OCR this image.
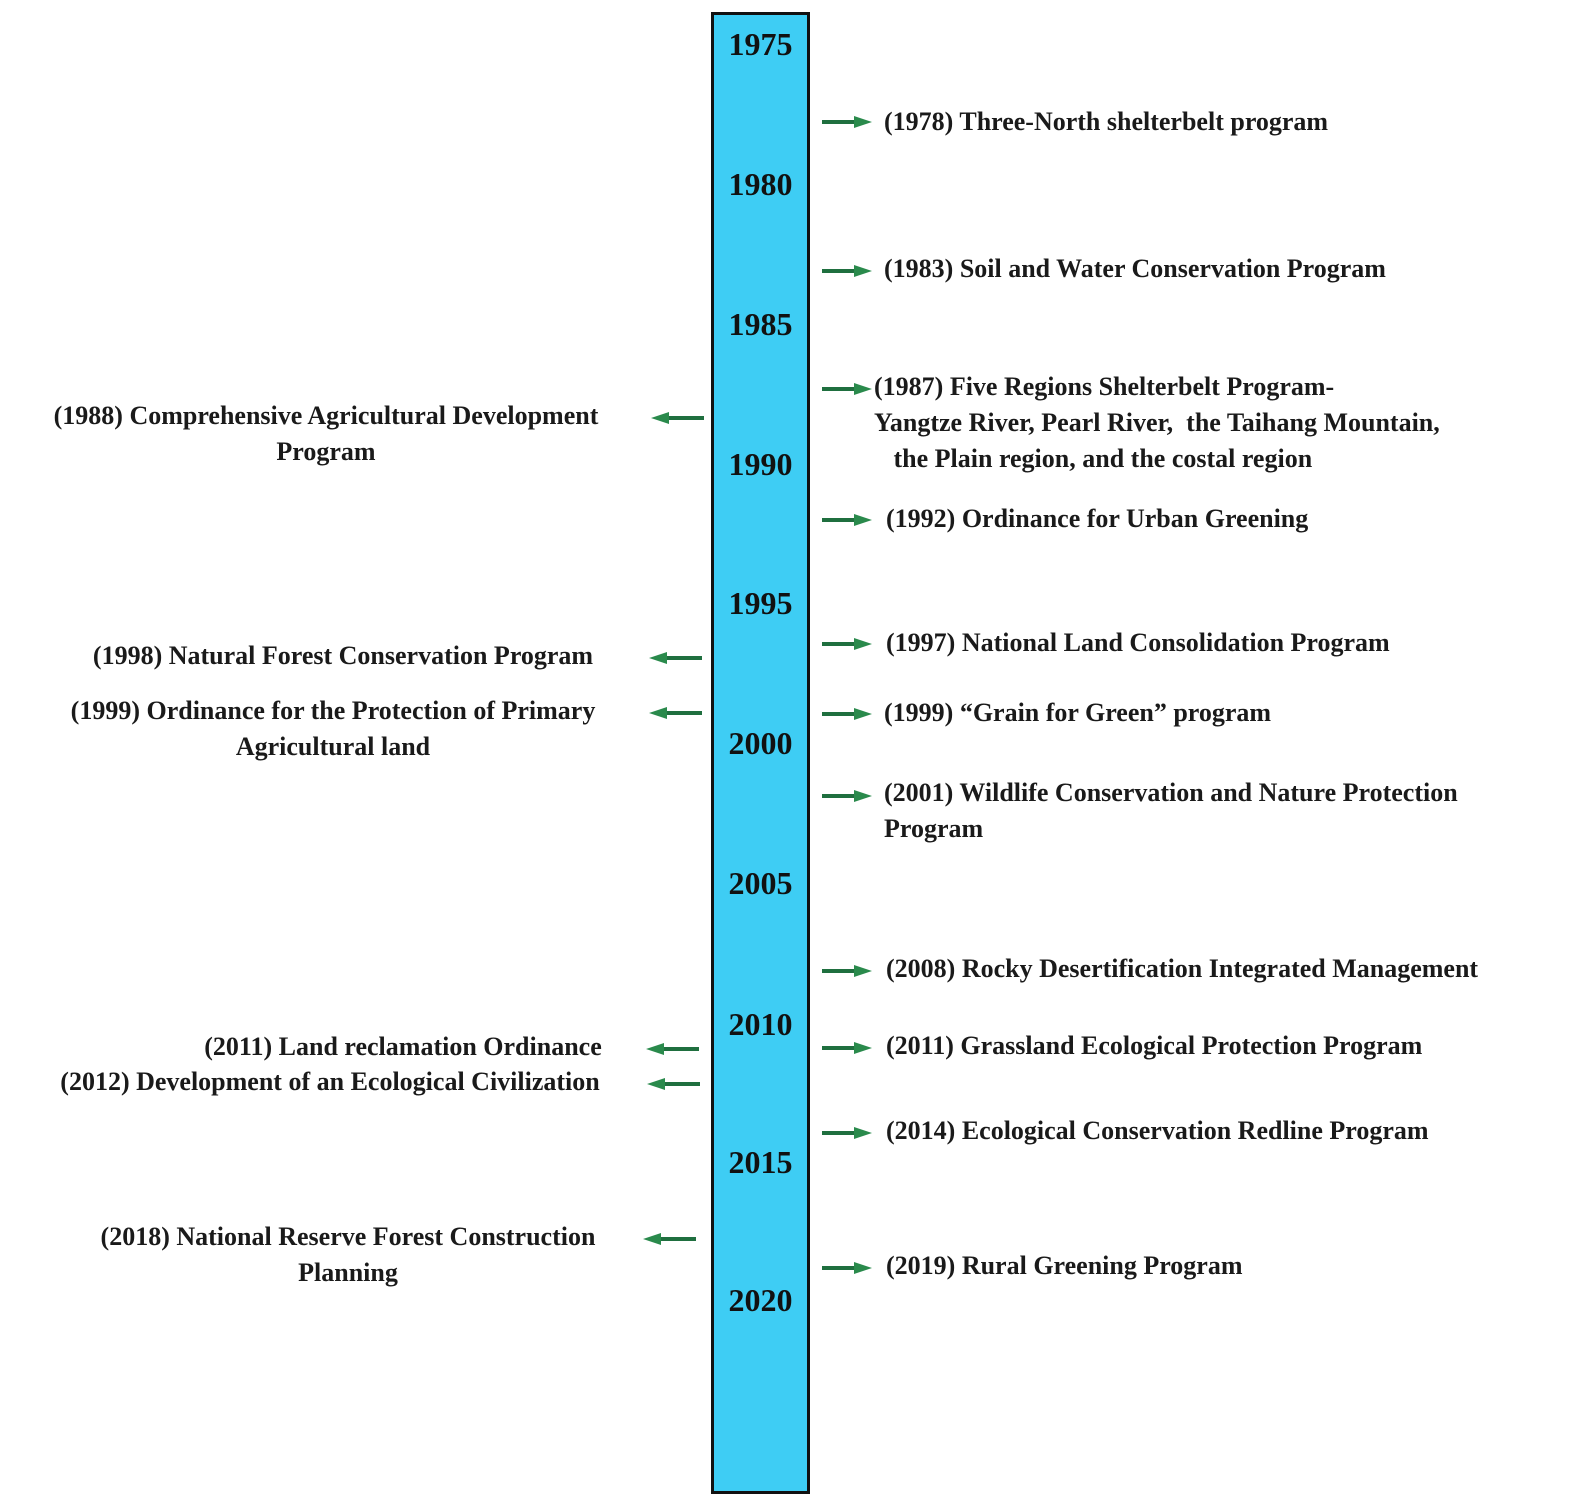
1975
1980
1985
1990
1995
2000
2005
2010
2015
2020
(1978) Three-North shelterbelt program
(1983) Soil and Water Conservation Program
(1987) Five Regions Shelterbelt Program-
Yangtze River, Pearl River,  the Taihang Mountain,
the Plain region, and the costal region
(1992) Ordinance for Urban Greening
(1997) National Land Consolidation Program
(1999) “Grain for Green” program
(2001) Wildlife Conservation and Nature Protection
Program
(2008) Rocky Desertification Integrated Management
(2011) Grassland Ecological Protection Program
(2014) Ecological Conservation Redline Program
(2019) Rural Greening Program
(1988) Comprehensive Agricultural Development
Program
(1998) Natural Forest Conservation Program
(1999) Ordinance for the Protection of Primary
Agricultural land
(2011) Land reclamation Ordinance
(2012) Development of an Ecological Civilization
(2018) National Reserve Forest Construction
Planning
